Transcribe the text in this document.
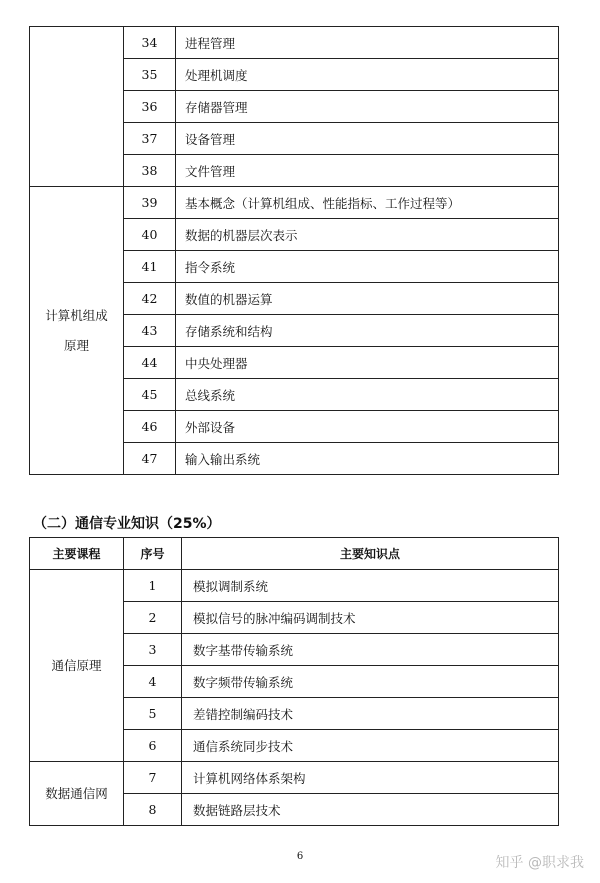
	34	进程管理
	35	处理机调度
	36	存储器管理
	37	设备管理
	38	文件管理

计算机组成
原理	39	基本概念（计算机组成、性能指标、工作过程等）
	40	数据的机器层次表示
	41	指令系统
	42	数值的机器运算
	43	存储系统和结构
	44	中央处理器
	45	总线系统
	46	外部设备
	47	输入输出系统
（二）通信专业知识（25%）
主要课程	序号	主要知识点
通信原理	1	模拟调制系统
	2	模拟信号的脉冲编码调制技术
	3	数字基带传输系统
	4	数字频带传输系统
	5	差错控制编码技术
	6	通信系统同步技术
数据通信网	7	计算机网络体系架构
	8	数据链路层技术
6	知乎 @职求我
